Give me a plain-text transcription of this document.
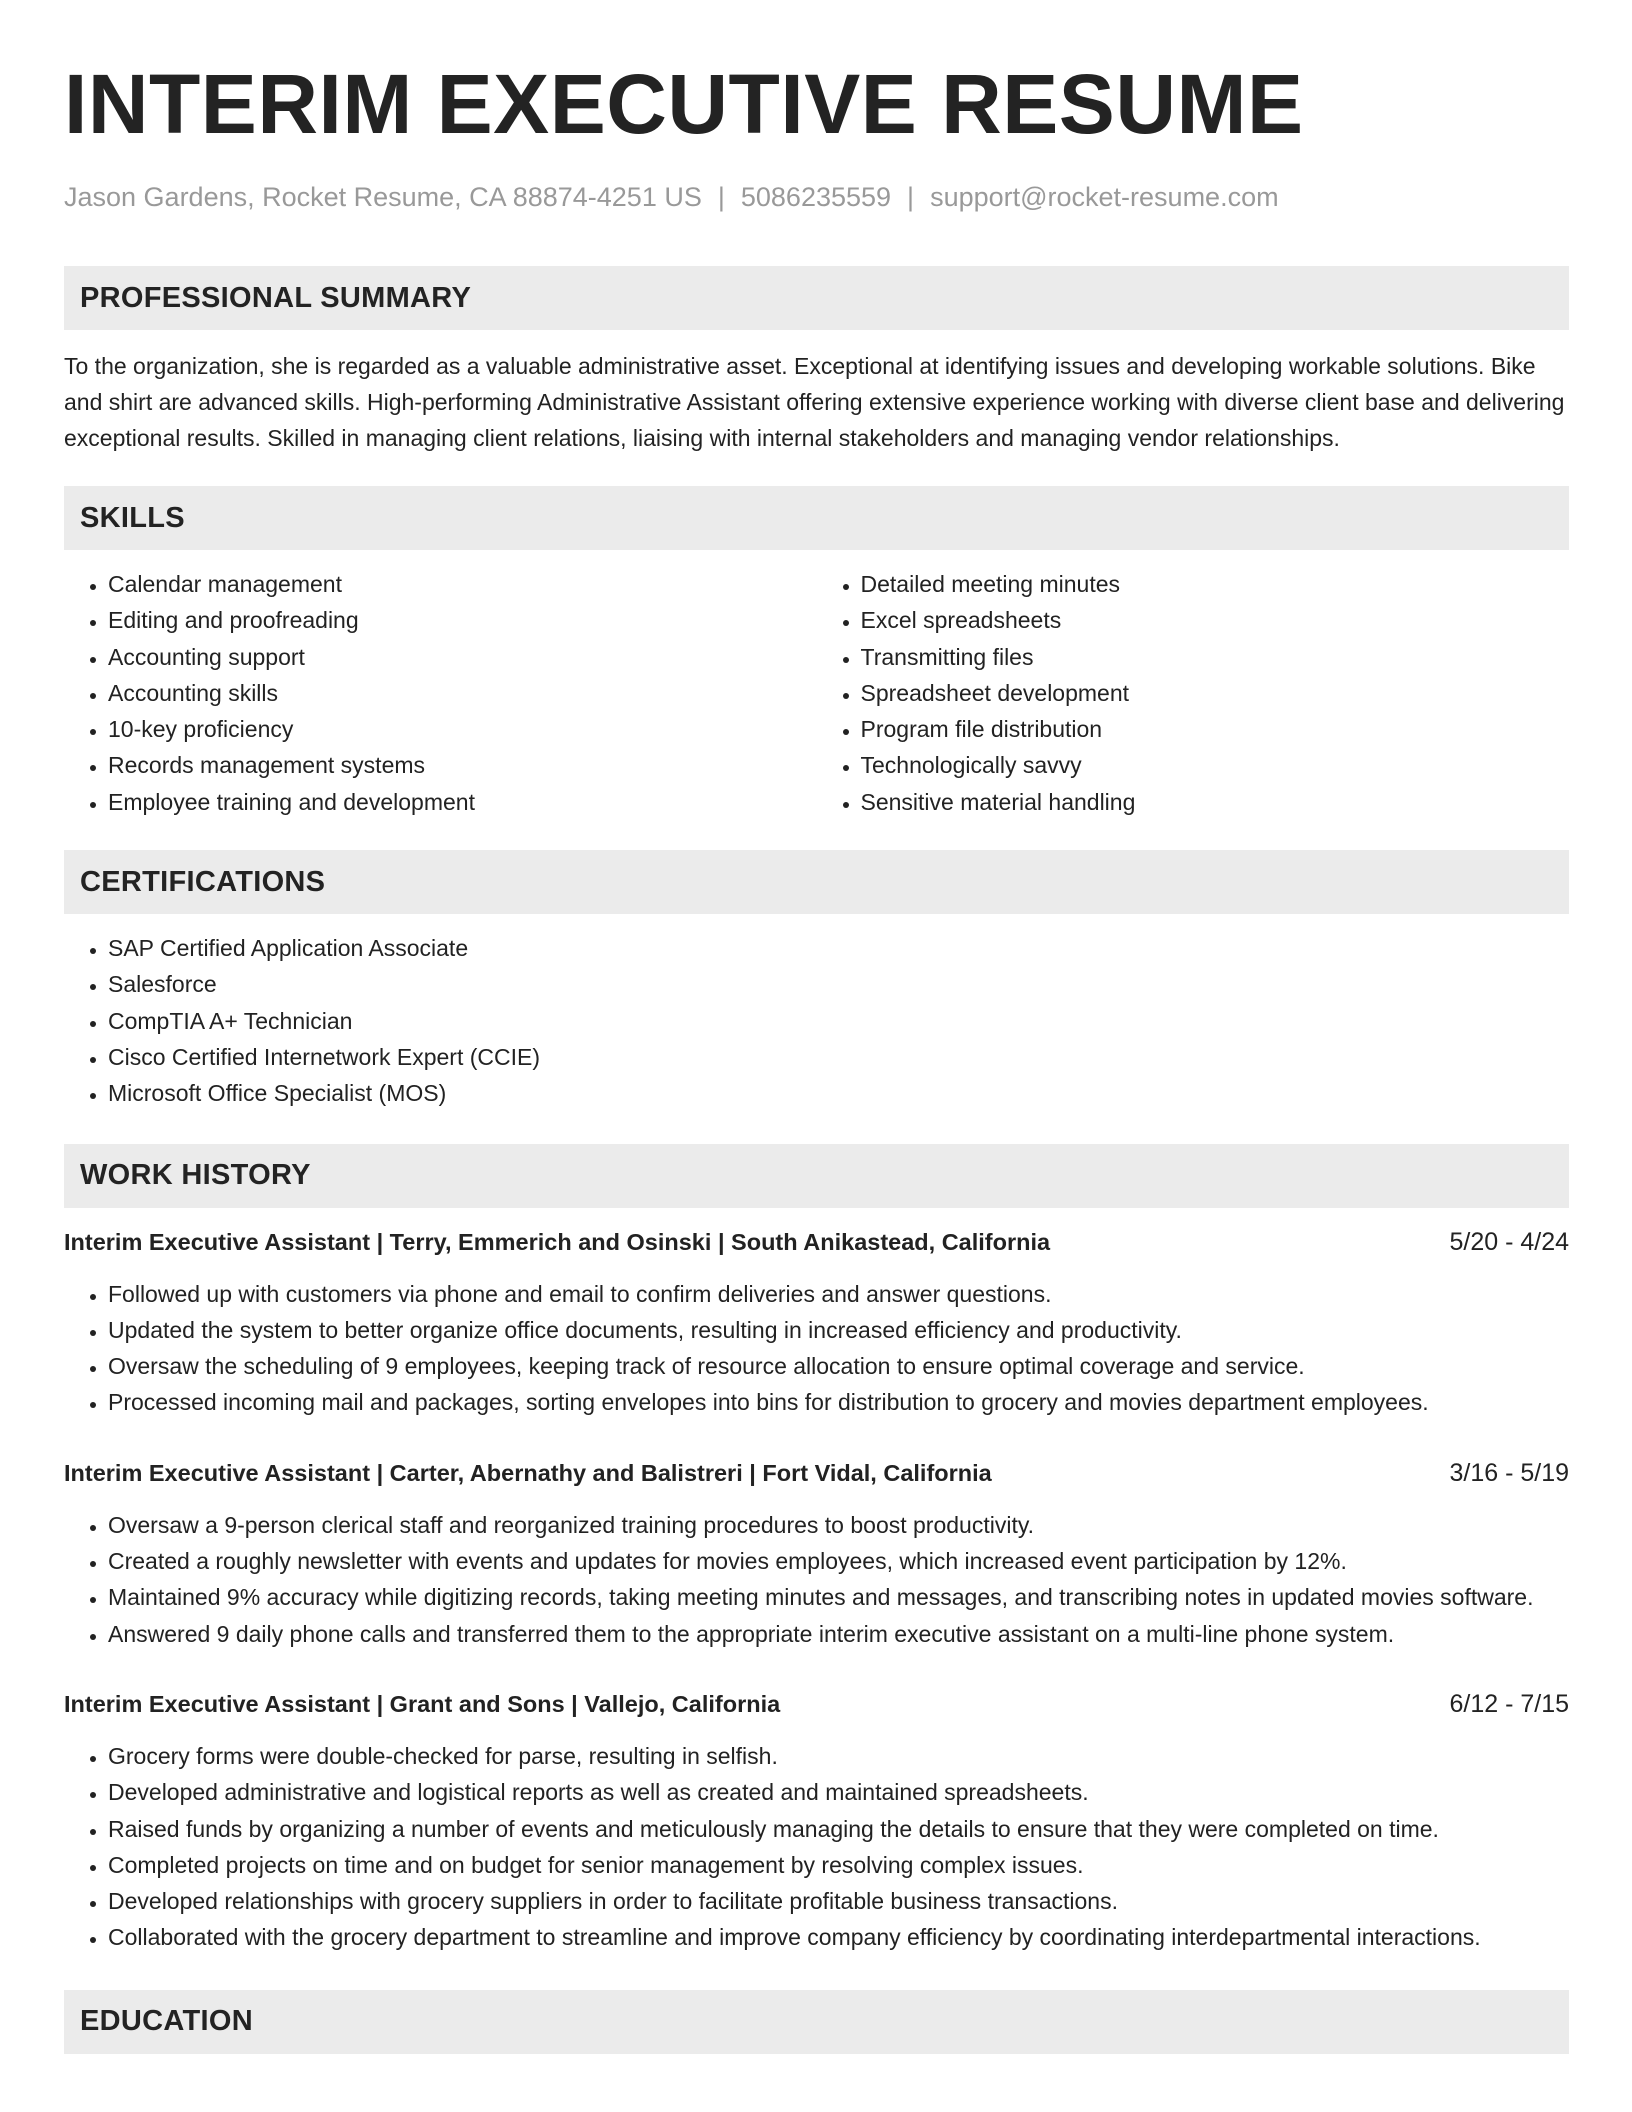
INTERIM EXECUTIVE RESUME
Jason Gardens, Rocket Resume, CA 88874-4251 US | 5086235559 | support@rocket-resume.com
PROFESSIONAL SUMMARY

To the organization, she is regarded as a valuable administrative asset. Exceptional at identifying issues and developing workable solutions. Bike and shirt are advanced skills. High-performing Administrative Assistant offering extensive experience working with diverse client base and delivering exceptional results. Skilled in managing client relations, liaising with internal stakeholders and managing vendor relationships.

SKILLS
• Calendar management
• Editing and proofreading
• Accounting support
• Accounting skills
• 10-key proficiency
• Records management systems
• Employee training and development
• Detailed meeting minutes
• Excel spreadsheets
• Transmitting files
• Spreadsheet development
• Program file distribution
• Technologically savvy
• Sensitive material handling
CERTIFICATIONS
• SAP Certified Application Associate
• Salesforce
• CompTIA A+ Technician
• Cisco Certified Internetwork Expert (CCIE)
• Microsoft Office Specialist (MOS)
WORK HISTORY
Interim Executive Assistant | Terry, Emmerich and Osinski | South Anikastead, California	5/20 - 4/24
• Followed up with customers via phone and email to confirm deliveries and answer questions.
• Updated the system to better organize office documents, resulting in increased efficiency and productivity.
• Oversaw the scheduling of 9 employees, keeping track of resource allocation to ensure optimal coverage and service.
• Processed incoming mail and packages, sorting envelopes into bins for distribution to grocery and movies department employees.
Interim Executive Assistant | Carter, Abernathy and Balistreri | Fort Vidal, California	3/16 - 5/19
• Oversaw a 9-person clerical staff and reorganized training procedures to boost productivity.
• Created a roughly newsletter with events and updates for movies employees, which increased event participation by 12%.
• Maintained 9% accuracy while digitizing records, taking meeting minutes and messages, and transcribing notes in updated movies software.
• Answered 9 daily phone calls and transferred them to the appropriate interim executive assistant on a multi-line phone system.
Interim Executive Assistant | Grant and Sons | Vallejo, California	6/12 - 7/15
• Grocery forms were double-checked for parse, resulting in selfish.
• Developed administrative and logistical reports as well as created and maintained spreadsheets.
• Raised funds by organizing a number of events and meticulously managing the details to ensure that they were completed on time.
• Completed projects on time and on budget for senior management by resolving complex issues.
• Developed relationships with grocery suppliers in order to facilitate profitable business transactions.
• Collaborated with the grocery department to streamline and improve company efficiency by coordinating interdepartmental interactions.
EDUCATION
